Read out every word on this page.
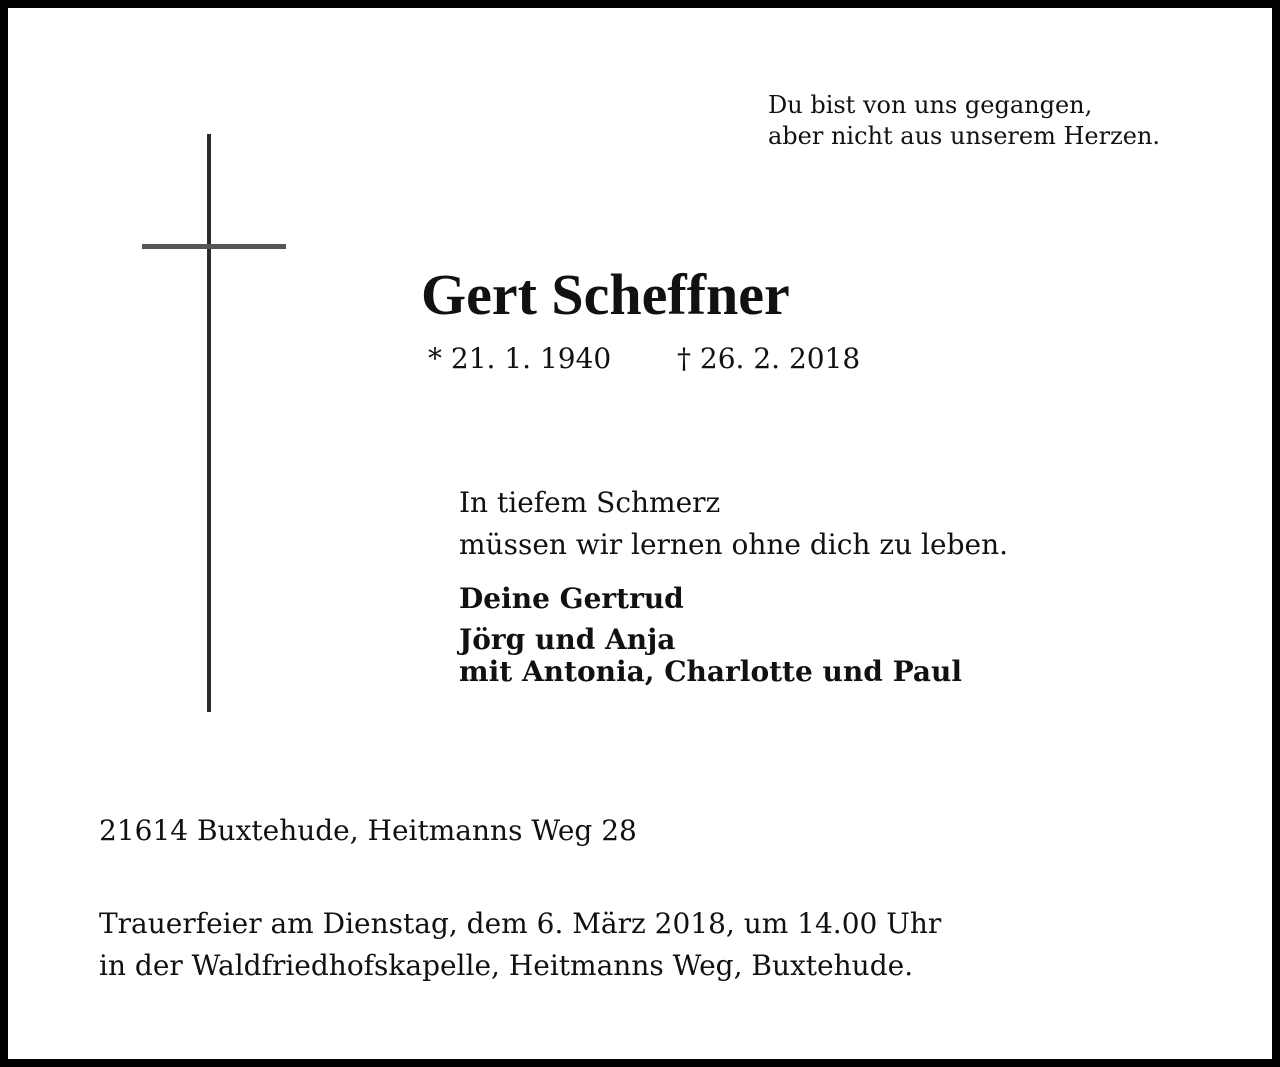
Du bist von uns gegangen,
aber nicht aus unserem Herzen.

Gert Scheffner
* 21. 1. 1940 † 26. 2. 2018
In tiefem Schmerz
müssen wir lernen ohne dich zu leben.
Deine Gertrud
Jörg und Anja
mit Antonia, Charlotte und Paul
21614 Buxtehude, Heitmanns Weg 28
Trauerfeier am Dienstag, dem 6. März 2018, um 14.00 Uhr
in der Waldfriedhofskapelle, Heitmanns Weg, Buxtehude.
